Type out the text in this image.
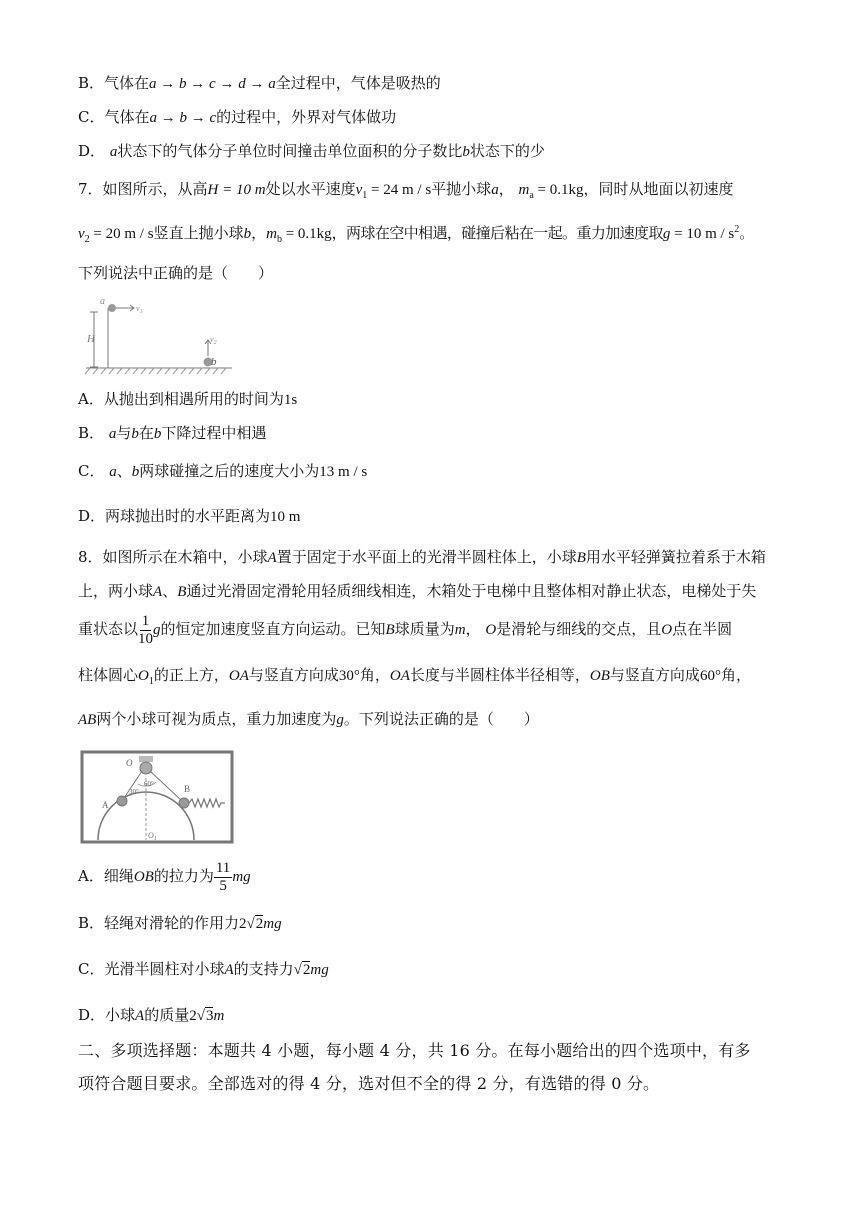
B．气体在a → b → c → d → a全过程中，气体是吸热的
C．气体在a → b → c的过程中，外界对气体做功
D． a状态下的气体分子单位时间撞击单位面积的分子数比b状态下的少
7．如图所示，从高H = 10 m处以水平速度$v_1 = 24$ m / s平抛小球a， $m_a = 0.1kg$，同时从地面以初速度
$v_2 = 20$ m / s竖直上抛小球b，$m_b = 0.1kg$，两球在空中相遇，碰撞后粘在一起。重力加速度取g = 10 m / $s^2$。
下列说法中正确的是（　　）
a
$v_1$
H	$v_2$
b
A．从抛出到相遇所用的时间为1s
B． a与b在b下降过程中相遇
C． a、b两球碰撞之后的速度大小为13 m / s
D．两球抛出时的水平距离为10 m
8．如图所示在木箱中，小球A置于固定于水平面上的光滑半圆柱体上，小球B用水平轻弹簧拉着系于木箱
上，两小球A、B通过光滑固定滑轮用轻质细线相连，木箱处于电梯中且整体相对静止状态，电梯处于失
重状态以 $\frac{1}{10}$ g的恒定加速度竖直方向运动。已知B球质量为m， O是滑轮与细线的交点，且O点在半圆
柱体圆心$O_1$的正上方，OA与竖直方向成30°角，OA长度与半圆柱体半径相等，OB与竖直方向成60°角，
AB两个小球可视为质点，重力加速度为g。下列说法正确的是（　　）
O
A
B
30°
60°
$O_1$
A．细绳OB的拉力为 $\frac{11}{5}$ mg
B．轻绳对滑轮的作用力2√2mg
C．光滑半圆柱对小球A的支持力√2mg
D．小球A的质量2√3m
二、多项选择题：本题共 4 小题，每小题 4 分，共 16 分。在每小题给出的四个选项中，有多
项符合题目要求。全部选对的得 4 分，选对但不全的得 2 分，有选错的得 0 分。
